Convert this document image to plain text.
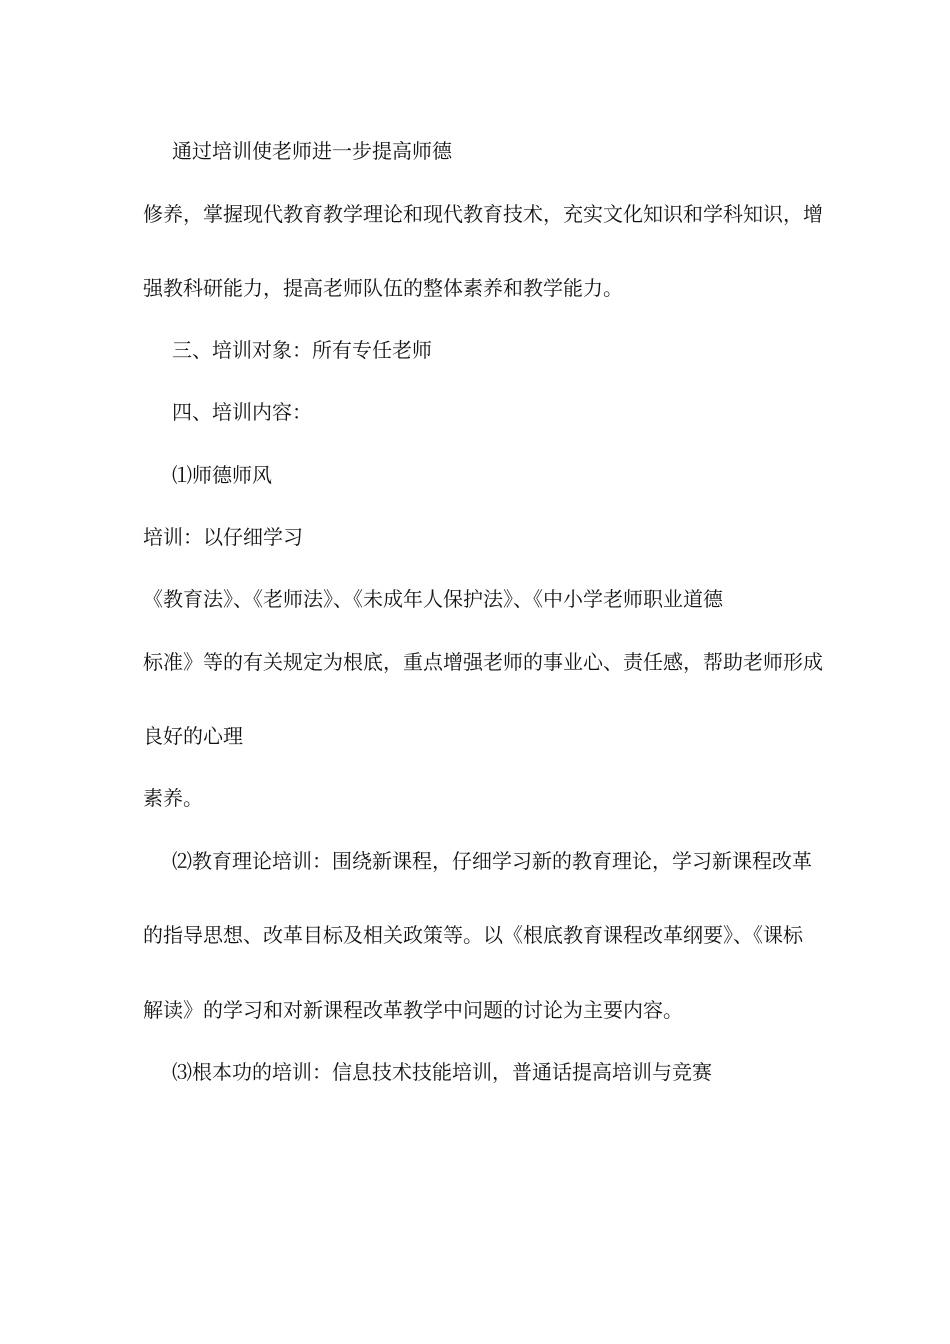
通过培训使老师进一步提高师德
修养，掌握现代教育教学理论和现代教育技术，充实文化知识和学科知识，增
强教科研能力，提高老师队伍的整体素养和教学能力。
三、培训对象：所有专任老师
四、培训内容：
⑴师德师风
培训：以仔细学习
《教育法》、《老师法》、《未成年人保护法》、《中小学老师职业道德
标准》等的有关规定为根底，重点增强老师的事业心、责任感，帮助老师形成
良好的心理
素养。
⑵教育理论培训：围绕新课程，仔细学习新的教育理论，学习新课程改革
的指导思想、改革目标及相关政策等。以《根底教育课程改革纲要》、《课标
解读》的学习和对新课程改革教学中问题的讨论为主要内容。
⑶根本功的培训：信息技术技能培训，普通话提高培训与竞赛
